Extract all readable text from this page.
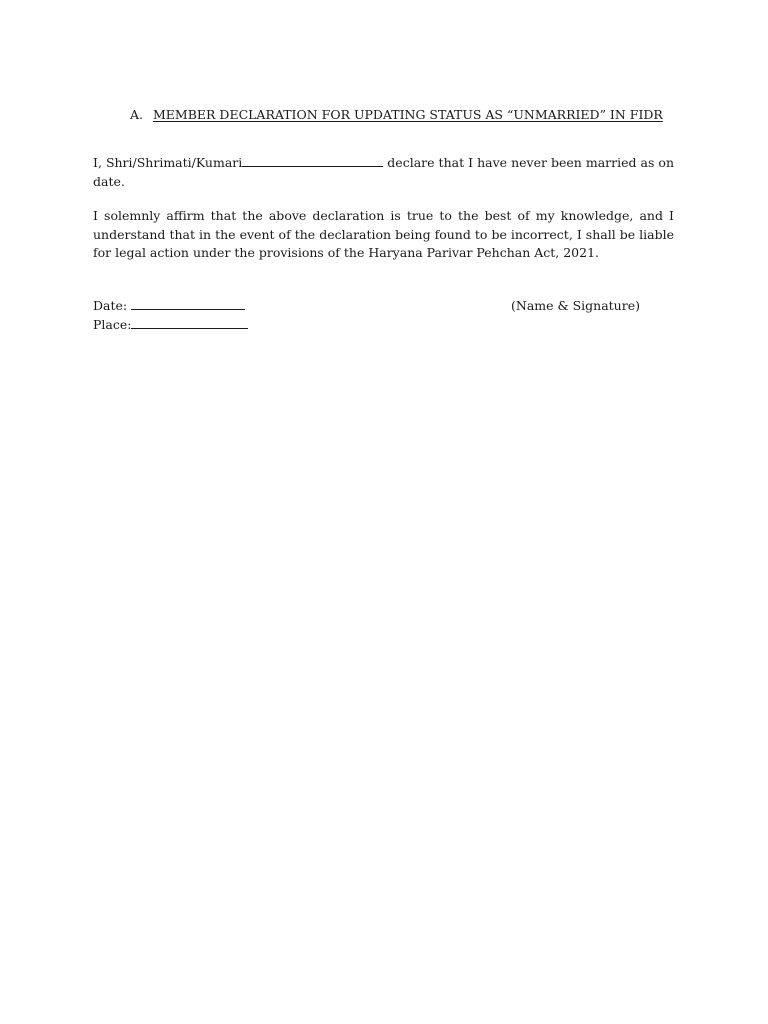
A. MEMBER DECLARATION FOR UPDATING STATUS AS “UNMARRIED” IN FIDR
I, Shri/Shrimati/Kumari	declare that I have never been married as on date.
I solemnly affirm that the above declaration is true to the best of my knowledge, and I understand that in the event of the declaration being found to be incorrect, I shall be liable for legal action under the provisions of the Haryana Parivar Pehchan Act, 2021.
Date:
Place:
(Name & Signature)
